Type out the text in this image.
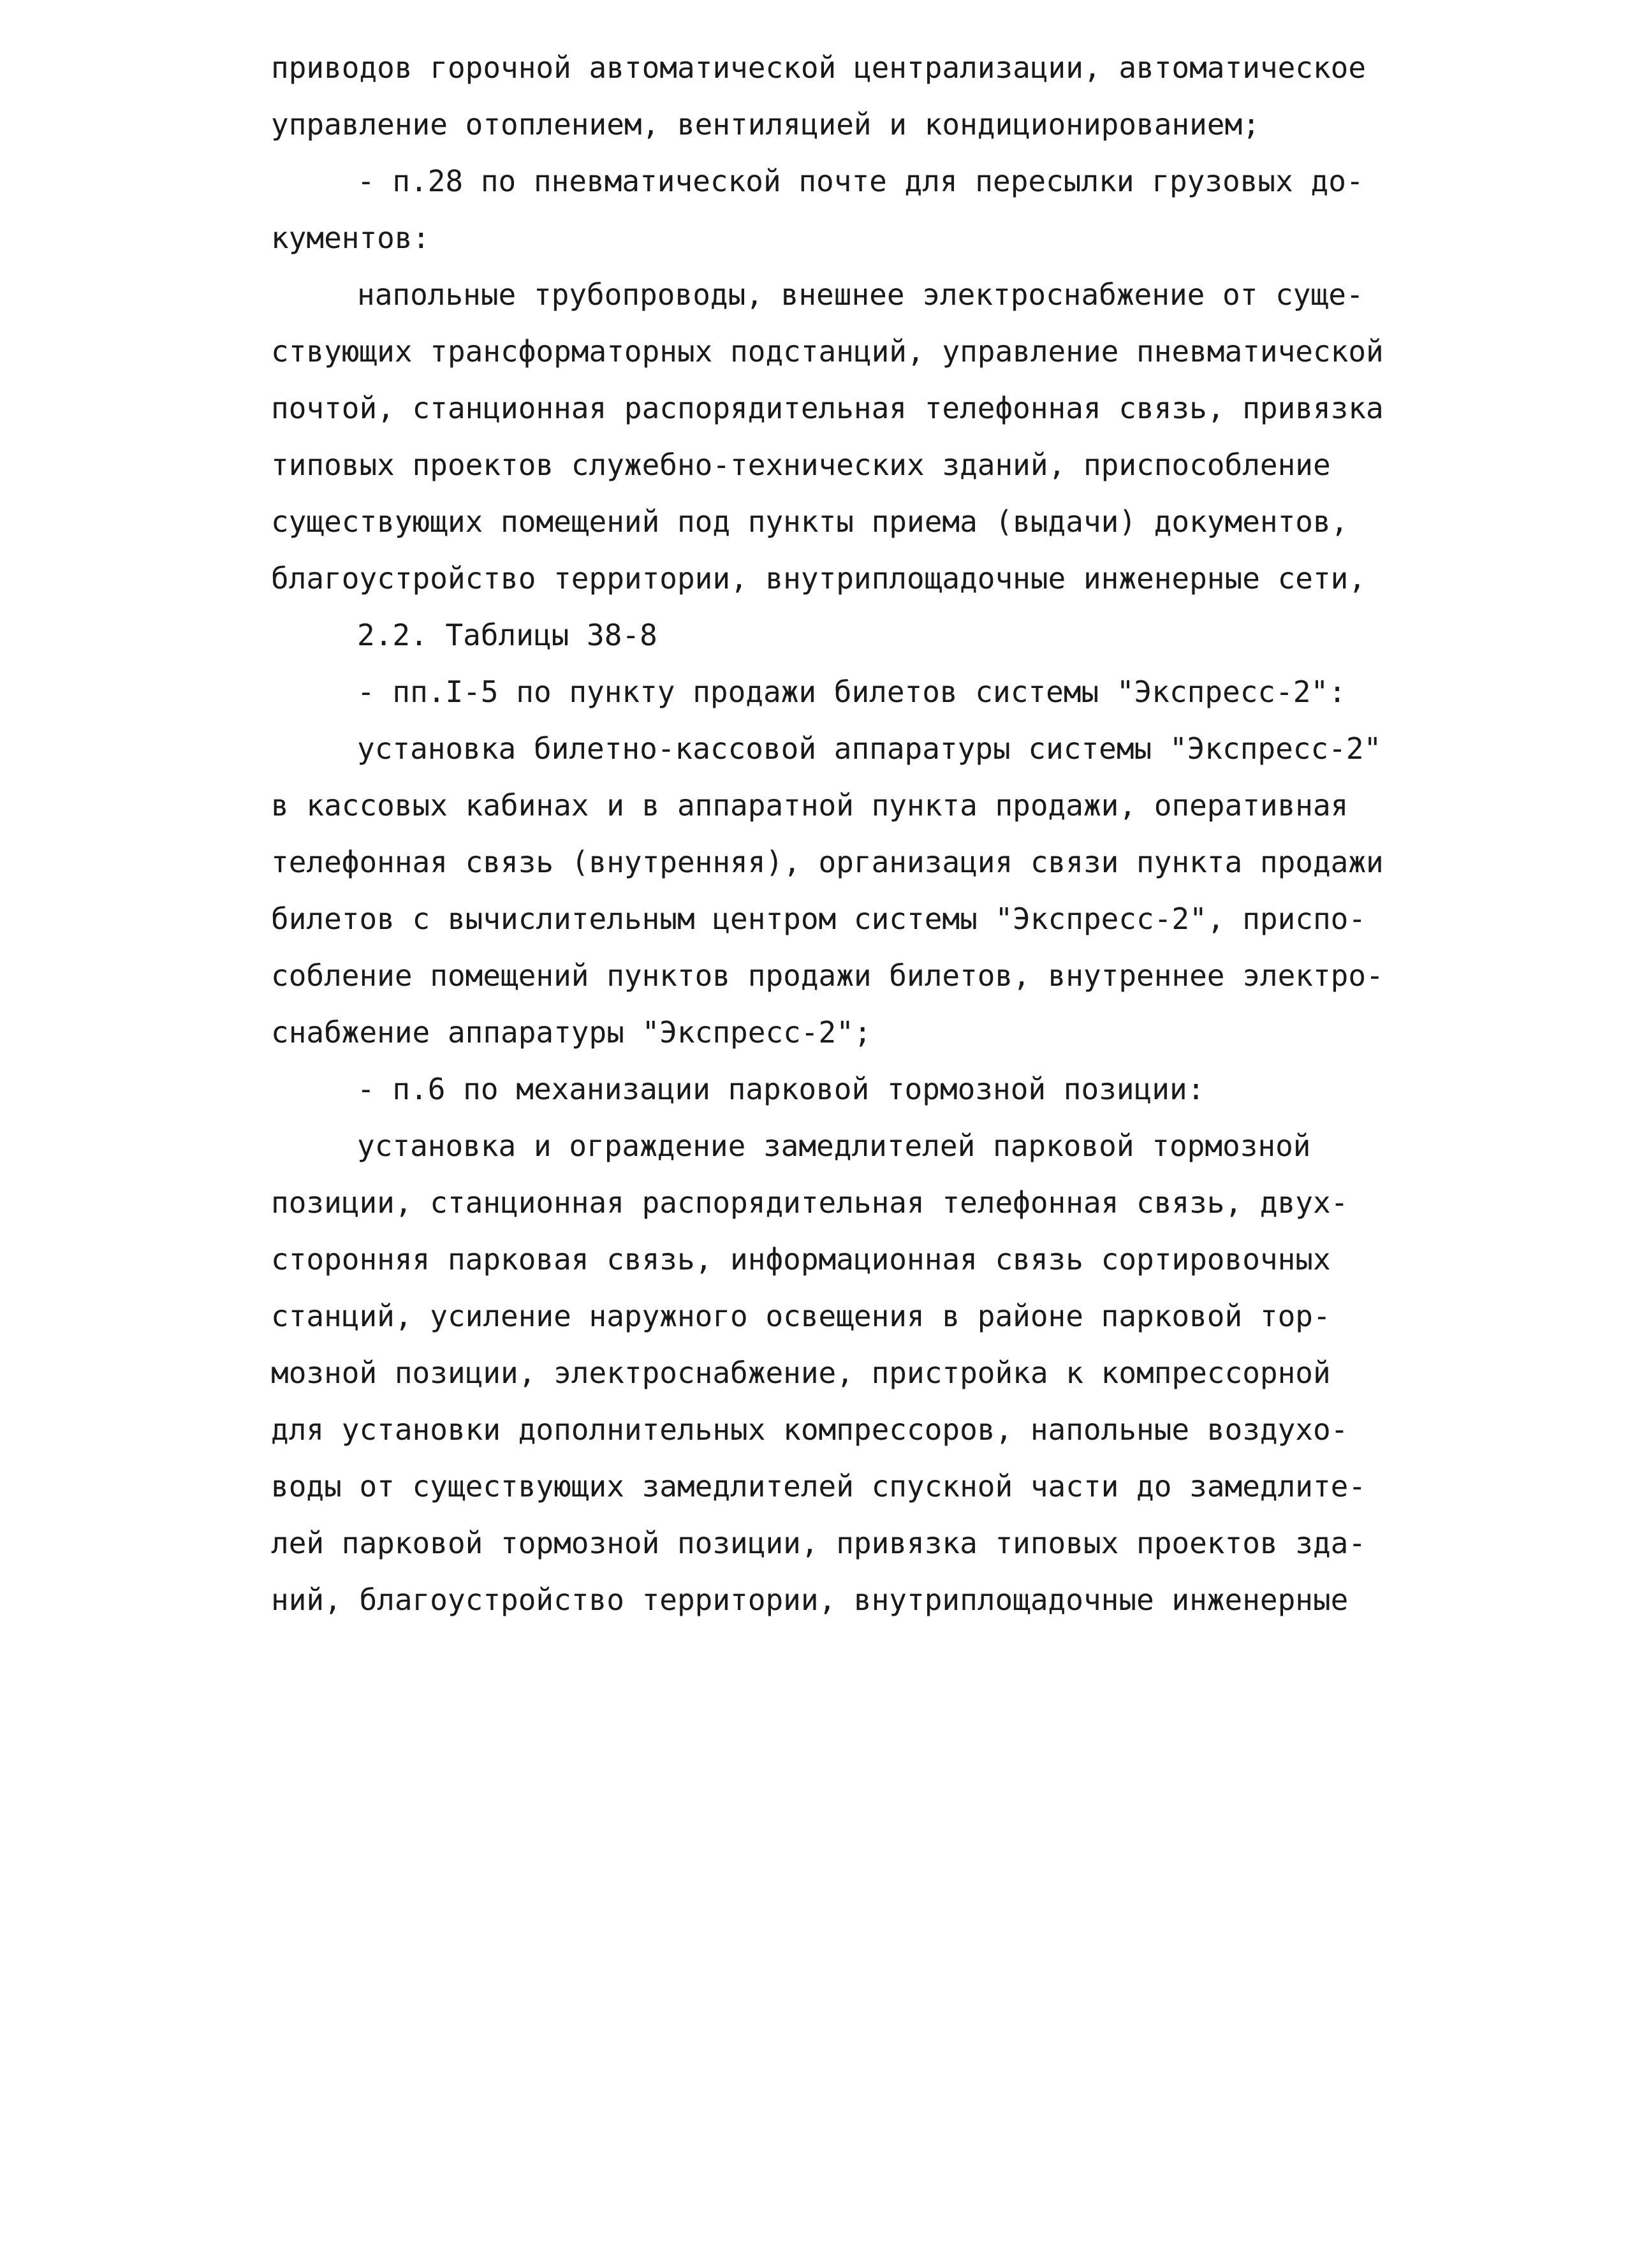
приводов горочной автоматической централизации, автоматическое
управление отоплением, вентиляцией и кондиционированием;
- п.28 по пневматической почте для пересылки грузовых до-
кументов:
напольные трубопроводы, внешнее электроснабжение от суще-
ствующих трансформаторных подстанций, управление пневматической
почтой, станционная распорядительная телефонная связь, привязка
типовых проектов служебно-технических зданий, приспособление
существующих помещений под пункты приема (выдачи) документов,
благоустройство территории, внутриплощадочные инженерные сети,
2.2. Таблицы 38-8
- пп.I-5 по пункту продажи билетов системы "Экспресс-2":
установка билетно-кассовой аппаратуры системы "Экспресс-2"
в кассовых кабинах и в аппаратной пункта продажи, оперативная
телефонная связь (внутренняя), организация связи пункта продажи
билетов с вычислительным центром системы "Экспресс-2", приспо-
собление помещений пунктов продажи билетов, внутреннее электро-
снабжение аппаратуры "Экспресс-2";
- п.6 по механизации парковой тормозной позиции:
установка и ограждение замедлителей парковой тормозной
позиции, станционная распорядительная телефонная связь, двух-
сторонняя парковая связь, информационная связь сортировочных
станций, усиление наружного освещения в районе парковой тор-
мозной позиции, электроснабжение, пристройка к компрессорной
для установки дополнительных компрессоров, напольные воздухо-
воды от существующих замедлителей спускной части до замедлите-
лей парковой тормозной позиции, привязка типовых проектов зда-
ний, благоустройство территории, внутриплощадочные инженерные
